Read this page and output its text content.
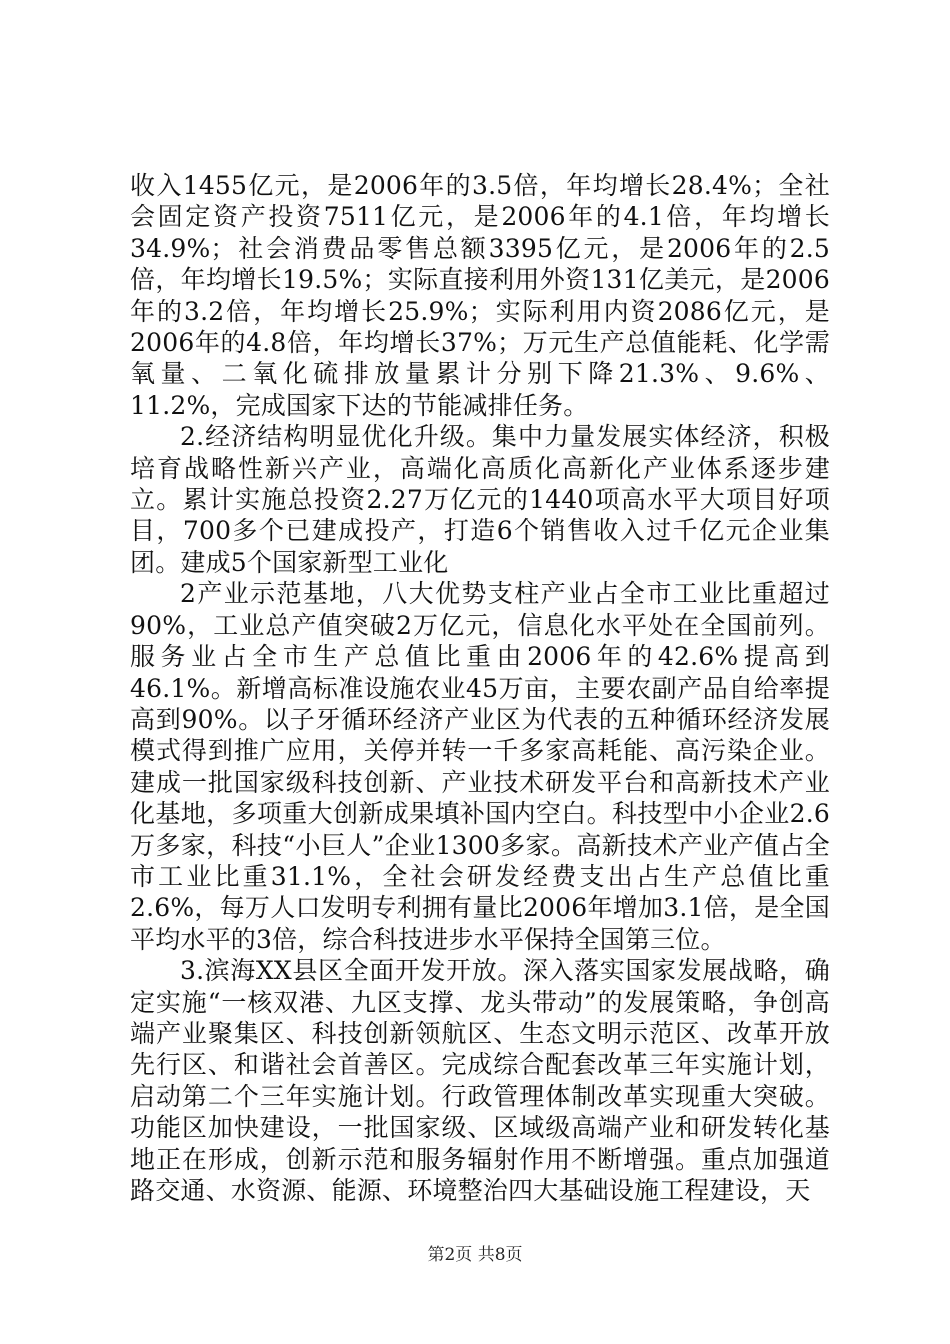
收入1455亿元，是2006年的3.5倍，年均增长28.4%；全社会固定资产投资7511亿元，是2006年的4.1倍，年均增长34.9%；社会消费品零售总额3395亿元，是2006年的2.5倍，年均增长19.5%；实际直接利用外资131亿美元，是2006年的3.2倍，年均增长25.9%；实际利用内资2086亿元，是2006年的4.8倍，年均增长37%；万元生产总值能耗、化学需氧量、二氧化硫排放量累计分别下降21.3%、9.6%、11.2%，完成国家下达的节能减排任务。

2.经济结构明显优化升级。集中力量发展实体经济，积极培育战略性新兴产业，高端化高质化高新化产业体系逐步建立。累计实施总投资2.27万亿元的1440项高水平大项目好项目，700多个已建成投产，打造6个销售收入过千亿元企业集团。建成5个国家新型工业化

2产业示范基地，八大优势支柱产业占全市工业比重超过90%，工业总产值突破2万亿元，信息化水平处在全国前列。服务业占全市生产总值比重由2006年的42.6%提高到46.1%。新增高标准设施农业45万亩，主要农副产品自给率提高到90%。以子牙循环经济产业区为代表的五种循环经济发展模式得到推广应用，关停并转一千多家高耗能、高污染企业。建成一批国家级科技创新、产业技术研发平台和高新技术产业化基地，多项重大创新成果填补国内空白。科技型中小企业2.6万多家，科技“小巨人”企业1300多家。高新技术产业产值占全市工业比重31.1%，全社会研发经费支出占生产总值比重2.6%，每万人口发明专利拥有量比2006年增加3.1倍，是全国平均水平的3倍，综合科技进步水平保持全国第三位。

3.滨海XX县区全面开发开放。深入落实国家发展战略，确定实施“一核双港、九区支撑、龙头带动”的发展策略，争创高端产业聚集区、科技创新领航区、生态文明示范区、改革开放先行区、和谐社会首善区。完成综合配套改革三年实施计划，启动第二个三年实施计划。行政管理体制改革实现重大突破。功能区加快建设，一批国家级、区域级高端产业和研发转化基地正在形成，创新示范和服务辐射作用不断增强。重点加强道路交通、水资源、能源、环境整治四大基础设施工程建设，天

第2页 共8页
